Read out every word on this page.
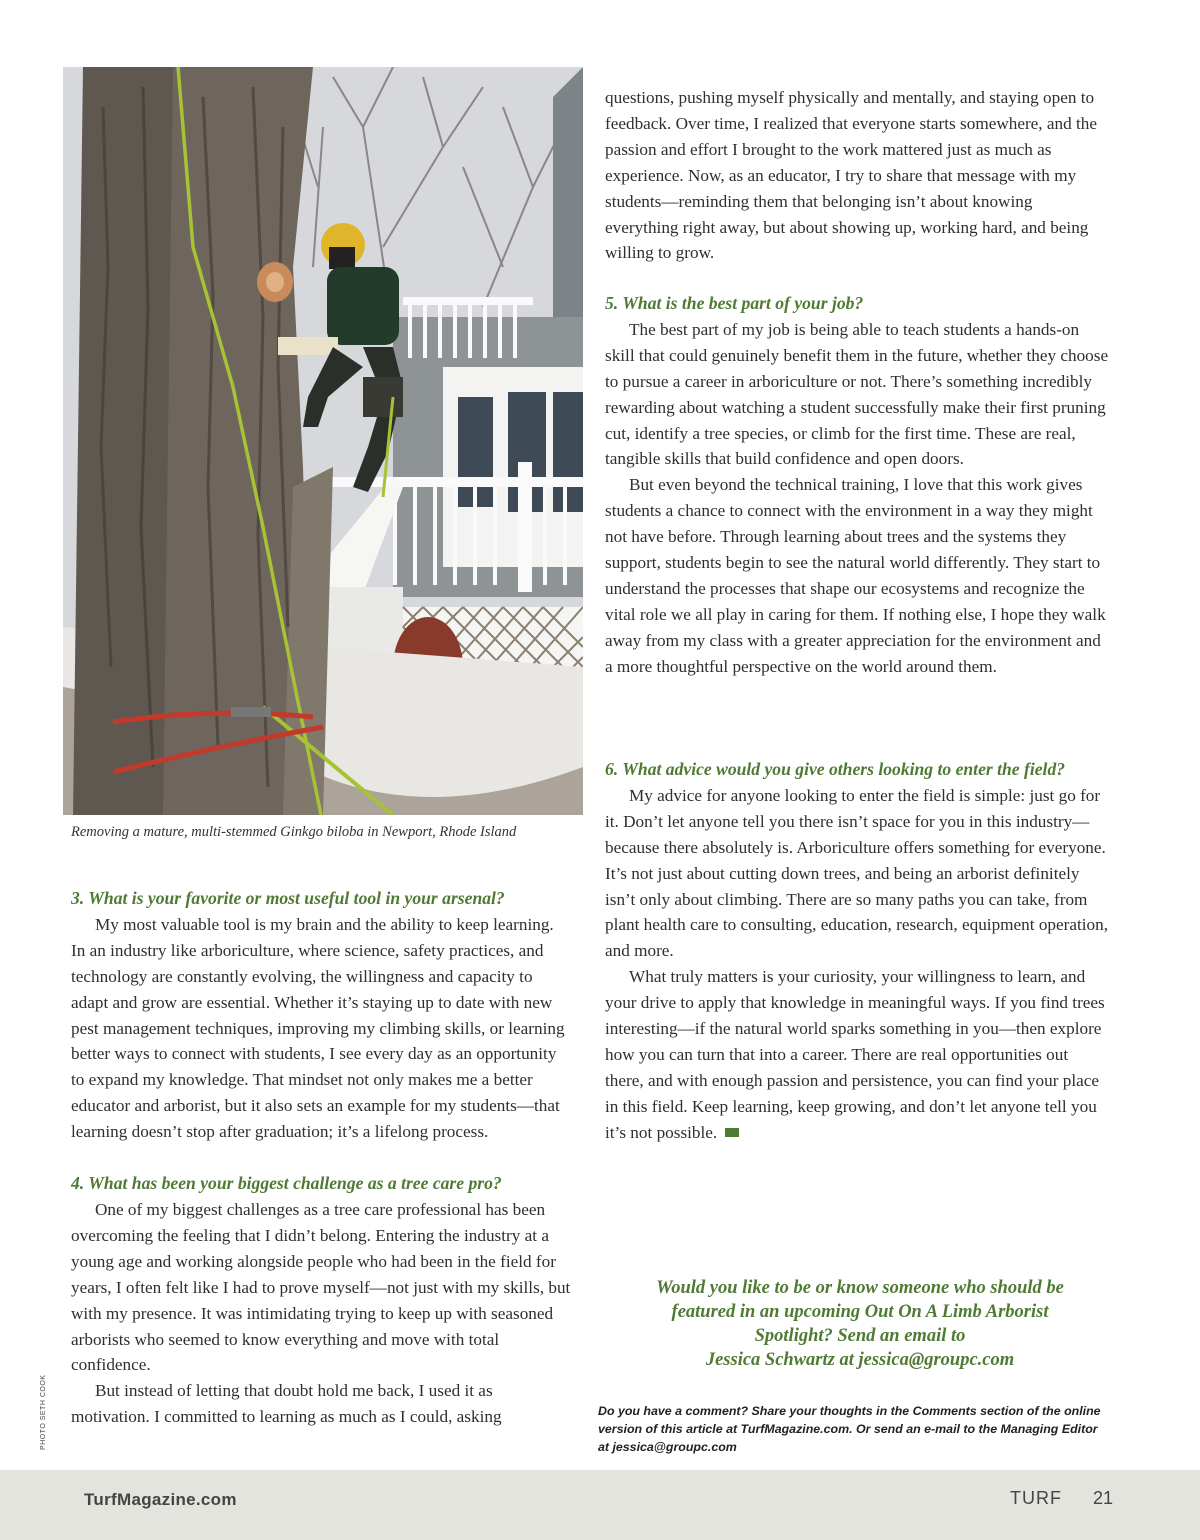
Removing a mature, multi-stemmed Ginkgo biloba in Newport, Rhode Island
PHOTO SETH COOK
3. What is your favorite or most useful tool in your arsenal?

My most valuable tool is my brain and the ability to keep learning. In an industry like arboriculture, where science, safety practices, and technology are constantly evolving, the willingness and capacity to adapt and grow are essential. Whether it’s staying up to date with new pest management techniques, improving my climbing skills, or learning better ways to connect with students, I see every day as an opportunity to expand my knowledge. That mindset not only makes me a better educator and arborist, but it also sets an example for my students—that learning doesn’t stop after graduation; it’s a lifelong process.

4. What has been your biggest challenge as a tree care pro?

One of my biggest challenges as a tree care professional has been overcoming the feeling that I didn’t belong. Entering the industry at a young age and working alongside people who had been in the field for years, I often felt like I had to prove myself—not just with my skills, but with my presence. It was intimidating trying to keep up with seasoned arborists who seemed to know everything and move with total confidence.

But instead of letting that doubt hold me back, I used it as motivation. I committed to learning as much as I could, asking

questions, pushing myself physically and mentally, and staying open to feedback. Over time, I realized that everyone starts somewhere, and the passion and effort I brought to the work mattered just as much as experience. Now, as an educator, I try to share that message with my students—reminding them that belonging isn’t about knowing everything right away, but about showing up, working hard, and being willing to grow.

5. What is the best part of your job?

The best part of my job is being able to teach students a hands-on skill that could genuinely benefit them in the future, whether they choose to pursue a career in arboriculture or not. There’s something incredibly rewarding about watching a student successfully make their first pruning cut, identify a tree species, or climb for the first time. These are real, tangible skills that build confidence and open doors.

But even beyond the technical training, I love that this work gives students a chance to connect with the environment in a way they might not have before. Through learning about trees and the systems they support, students begin to see the natural world differently. They start to understand the processes that shape our ecosystems and recognize the vital role we all play in caring for them. If nothing else, I hope they walk away from my class with a greater appreciation for the environment and a more thoughtful perspective on the world around them.

6. What advice would you give others looking to enter the field?

My advice for anyone looking to enter the field is simple: just go for it. Don’t let anyone tell you there isn’t space for you in this industry—because there absolutely is. Arboriculture offers something for everyone. It’s not just about cutting down trees, and being an arborist definitely isn’t only about climbing. There are so many paths you can take, from plant health care to consulting, education, research, equipment operation, and more.

What truly matters is your curiosity, your willingness to learn, and your drive to apply that knowledge in meaningful ways. If you find trees interesting—if the natural world sparks something in you—then explore how you can turn that into a career. There are real opportunities out there, and with enough passion and persistence, you can find your place in this field. Keep learning, keep growing, and don’t let anyone tell you it’s not possible.

Would you like to be or know someone who should be
featured in an upcoming Out On A Limb Arborist
Spotlight? Send an email to
Jessica Schwartz at jessica@groupc.com
Do you have a comment? Share your thoughts in the Comments section of the online version of this article at TurfMagazine.com. Or send an e-mail to the Managing Editor at jessica@groupc.com
TurfMagazine.com	TURF 21
